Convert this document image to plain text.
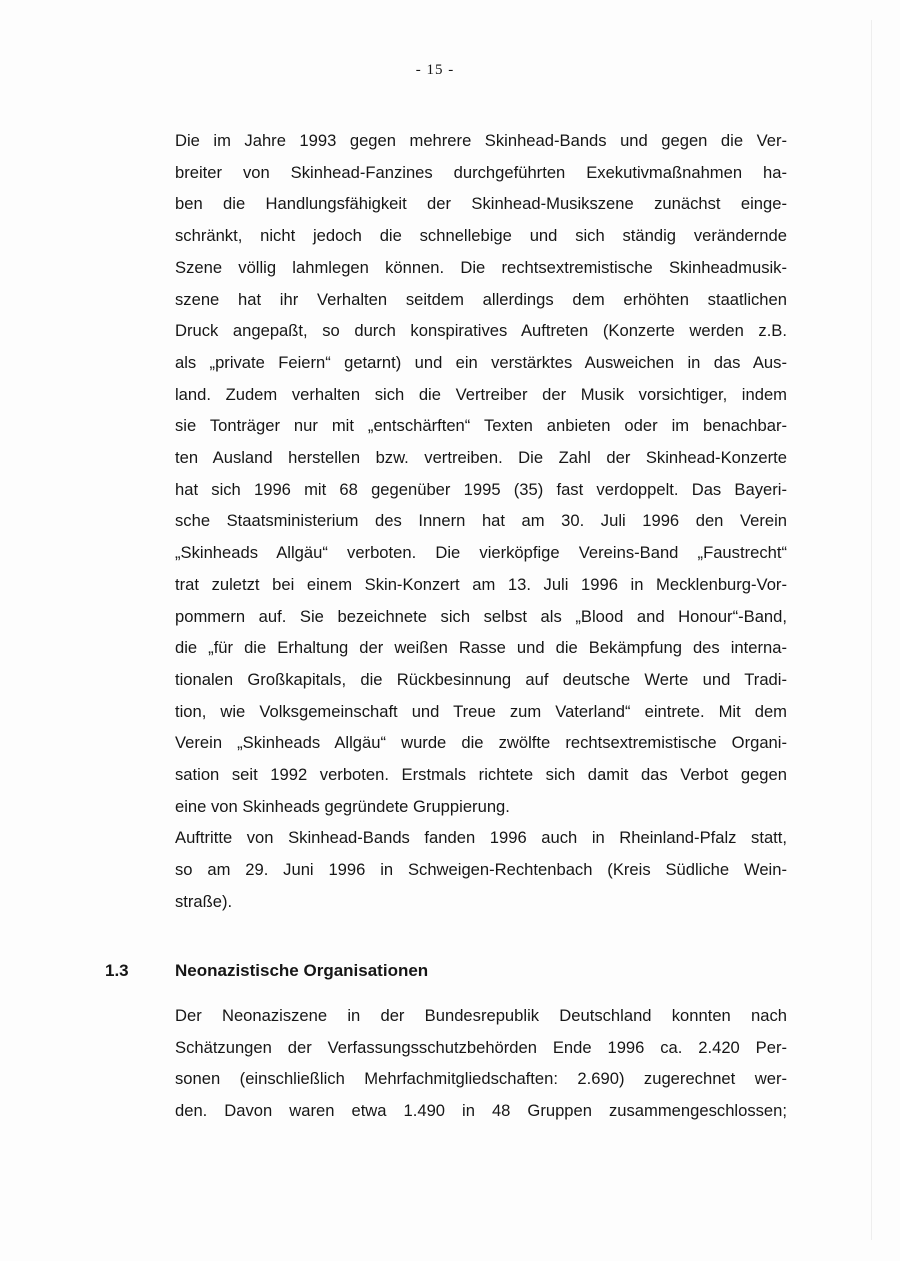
- 15 -
Die im Jahre 1993 gegen mehrere Skinhead-Bands und gegen die Ver-
breiter von Skinhead-Fanzines durchgeführten Exekutivmaßnahmen ha-
ben die Handlungsfähigkeit der Skinhead-Musikszene zunächst einge-
schränkt, nicht jedoch die schnellebige und sich ständig verändernde
Szene völlig lahmlegen können. Die rechtsextremistische Skinheadmusik-
szene hat ihr Verhalten seitdem allerdings dem erhöhten staatlichen
Druck angepaßt, so durch konspiratives Auftreten (Konzerte werden z.B.
als „private Feiern“ getarnt) und ein verstärktes Ausweichen in das Aus-
land. Zudem verhalten sich die Vertreiber der Musik vorsichtiger, indem
sie Tonträger nur mit „entschärften“ Texten anbieten oder im benachbar-
ten Ausland herstellen bzw. vertreiben. Die Zahl der Skinhead-Konzerte
hat sich 1996 mit 68 gegenüber 1995 (35) fast verdoppelt. Das Bayeri-
sche Staatsministerium des Innern hat am 30. Juli 1996 den Verein
„Skinheads Allgäu“ verboten. Die vierköpfige Vereins-Band „Faustrecht“
trat zuletzt bei einem Skin-Konzert am 13. Juli 1996 in Mecklenburg-Vor-
pommern auf. Sie bezeichnete sich selbst als „Blood and Honour“-Band,
die „für die Erhaltung der weißen Rasse und die Bekämpfung des interna-
tionalen Großkapitals, die Rückbesinnung auf deutsche Werte und Tradi-
tion, wie Volksgemeinschaft und Treue zum Vaterland“ eintrete. Mit dem
Verein „Skinheads Allgäu“ wurde die zwölfte rechtsextremistische Organi-
sation seit 1992 verboten. Erstmals richtete sich damit das Verbot gegen
eine von Skinheads gegründete Gruppierung.
Auftritte von Skinhead-Bands fanden 1996 auch in Rheinland-Pfalz statt,
so am 29. Juni 1996 in Schweigen-Rechtenbach (Kreis Südliche Wein-
straße).
1.3	Neonazistische Organisationen
Der Neonaziszene in der Bundesrepublik Deutschland konnten nach
Schätzungen der Verfassungsschutzbehörden Ende 1996 ca. 2.420 Per-
sonen (einschließlich Mehrfachmitgliedschaften: 2.690) zugerechnet wer-
den. Davon waren etwa 1.490 in 48 Gruppen zusammengeschlossen;
